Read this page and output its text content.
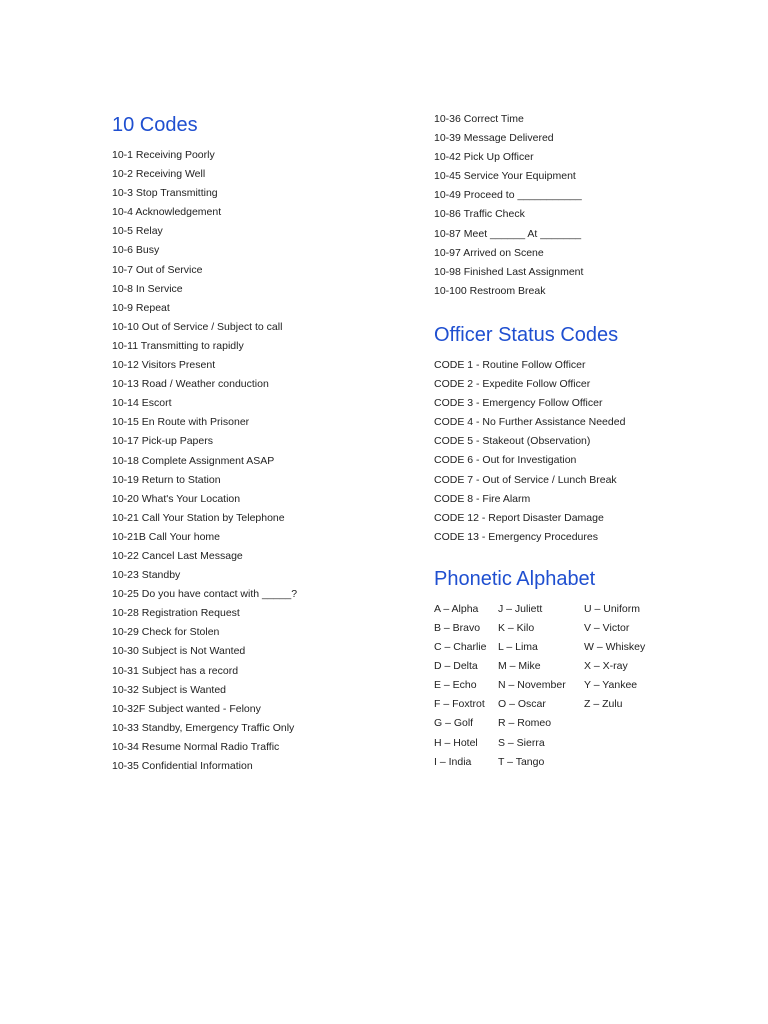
10 Codes
10-1 Receiving Poorly
10-2 Receiving Well
10-3 Stop Transmitting
10-4 Acknowledgement
10-5 Relay
10-6 Busy
10-7 Out of Service
10-8 In Service
10-9 Repeat
10-10 Out of Service / Subject to call
10-11 Transmitting to rapidly
10-12 Visitors Present
10-13 Road / Weather conduction
10-14 Escort
10-15 En Route with Prisoner
10-17 Pick-up Papers
10-18 Complete Assignment ASAP
10-19 Return to Station
10-20 What's Your Location
10-21 Call Your Station by Telephone
10-21B Call Your home
10-22 Cancel Last Message
10-23 Standby
10-25 Do you have contact with _____?
10-28 Registration Request
10-29 Check for Stolen
10-30 Subject is Not Wanted
10-31 Subject has a record
10-32 Subject is Wanted
10-32F Subject wanted - Felony
10-33 Standby, Emergency Traffic Only
10-34 Resume Normal Radio Traffic
10-35 Confidential Information
10-36 Correct Time
10-39 Message Delivered
10-42 Pick Up Officer
10-45 Service Your Equipment
10-49 Proceed to ___________
10-86 Traffic Check
10-87 Meet ______ At _______
10-97 Arrived on Scene
10-98 Finished Last Assignment
10-100 Restroom Break
Officer Status Codes
CODE 1 - Routine Follow Officer
CODE 2 - Expedite Follow Officer
CODE 3 - Emergency Follow Officer
CODE 4 - No Further Assistance Needed
CODE 5 - Stakeout (Observation)
CODE 6 - Out for Investigation
CODE 7 - Out of Service / Lunch Break
CODE 8 - Fire Alarm
CODE 12 - Report Disaster Damage
CODE 13 - Emergency Procedures
Phonetic Alphabet
A – Alpha	J – Juliett	U – Uniform
B – Bravo	K – Kilo	V – Victor
C – Charlie	L – Lima	W – Whiskey
D – Delta	M – Mike	X – X-ray
E – Echo	N – November	Y – Yankee
F – Foxtrot	O – Oscar	Z – Zulu
G – Golf	R – Romeo
H – Hotel	S – Sierra
I – India	T – Tango
